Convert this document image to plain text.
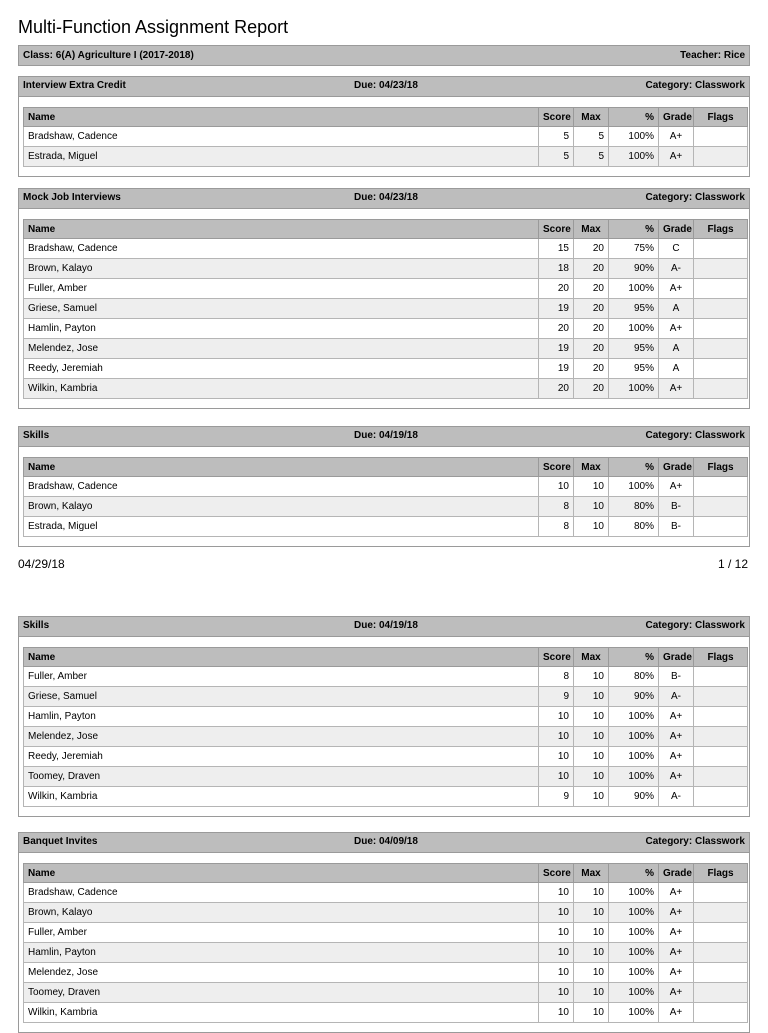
Multi-Function Assignment Report
Class: 6(A) Agriculture I (2017-2018)	Teacher: Rice
04/29/18	1 / 12
Interview Extra Credit	Due: 04/23/18	Category: Classwork
Name	Score	Max	%	Grade	Flags
Bradshaw, Cadence	5	5	100%	A+	
Estrada, Miguel	5	5	100%	A+	
Mock Job Interviews	Due: 04/23/18	Category: Classwork
Name	Score	Max	%	Grade	Flags
Bradshaw, Cadence	15	20	75%	C	
Brown, Kalayo	18	20	90%	A-	
Fuller, Amber	20	20	100%	A+	
Griese, Samuel	19	20	95%	A	
Hamlin, Payton	20	20	100%	A+	
Melendez, Jose	19	20	95%	A	
Reedy, Jeremiah	19	20	95%	A	
Wilkin, Kambria	20	20	100%	A+	
Skills	Due: 04/19/18	Category: Classwork
Name	Score	Max	%	Grade	Flags
Bradshaw, Cadence	10	10	100%	A+	
Brown, Kalayo	8	10	80%	B-	
Estrada, Miguel	8	10	80%	B-	
Skills	Due: 04/19/18	Category: Classwork
Name	Score	Max	%	Grade	Flags
Fuller, Amber	8	10	80%	B-	
Griese, Samuel	9	10	90%	A-	
Hamlin, Payton	10	10	100%	A+	
Melendez, Jose	10	10	100%	A+	
Reedy, Jeremiah	10	10	100%	A+	
Toomey, Draven	10	10	100%	A+	
Wilkin, Kambria	9	10	90%	A-	
Banquet Invites	Due: 04/09/18	Category: Classwork
Name	Score	Max	%	Grade	Flags
Bradshaw, Cadence	10	10	100%	A+	
Brown, Kalayo	10	10	100%	A+	
Fuller, Amber	10	10	100%	A+	
Hamlin, Payton	10	10	100%	A+	
Melendez, Jose	10	10	100%	A+	
Toomey, Draven	10	10	100%	A+	
Wilkin, Kambria	10	10	100%	A+	
